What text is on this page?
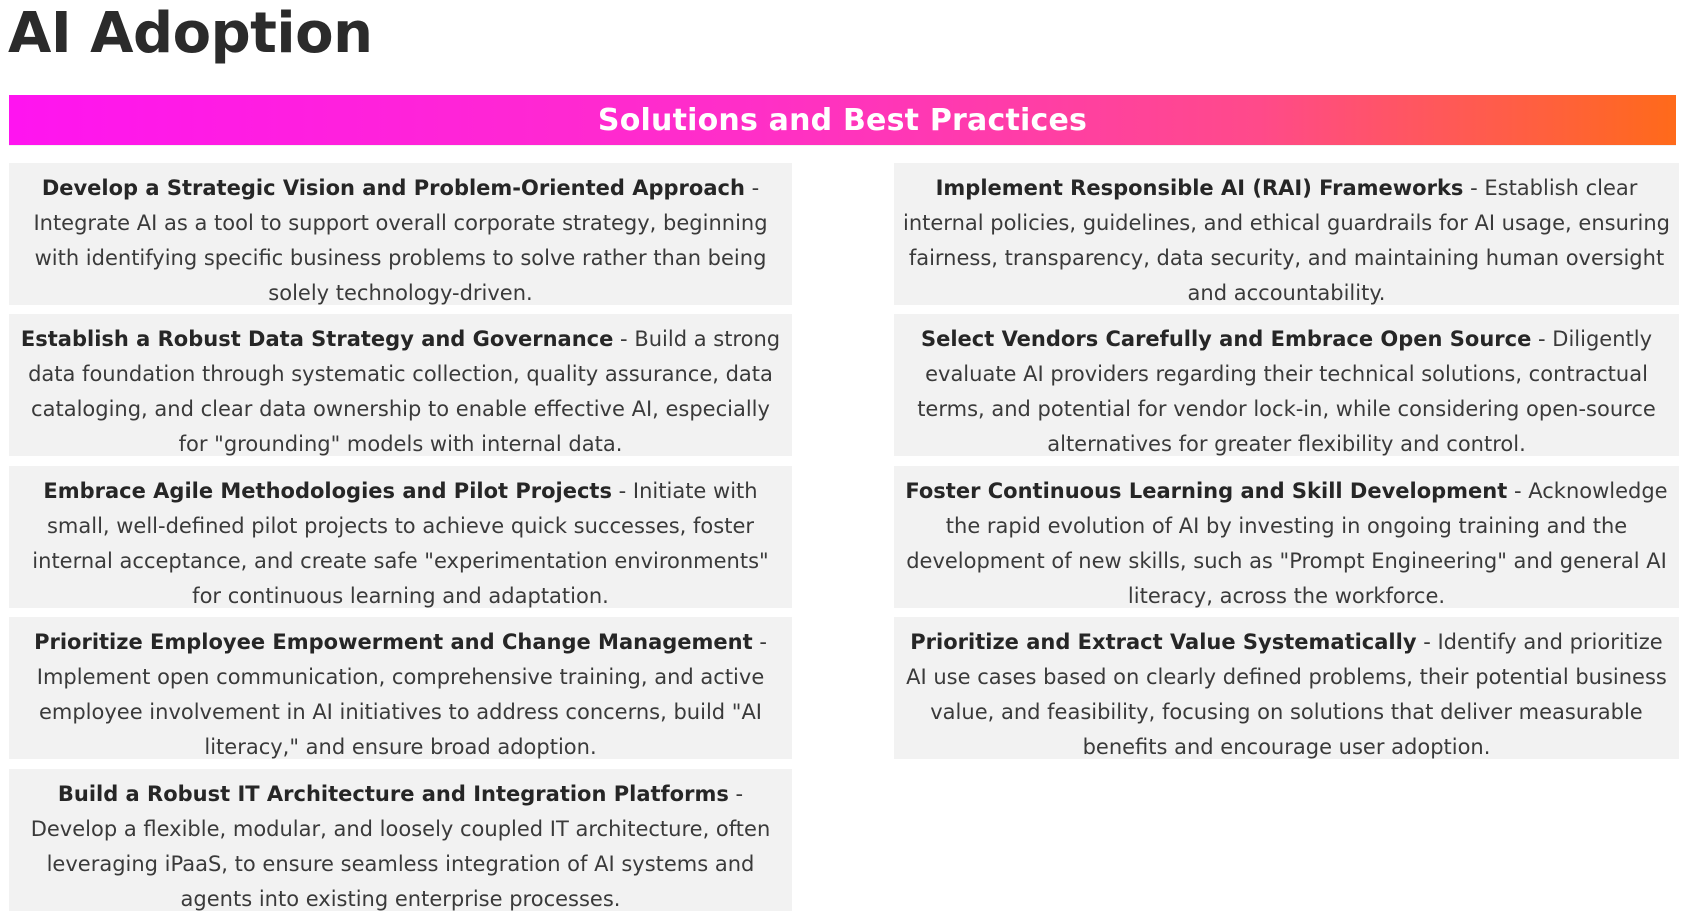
AI Adoption
Solutions and Best Practices
Develop a Strategic Vision and Problem-Oriented Approach - Integrate AI as a tool to support overall corporate strategy, beginning with identifying specific business problems to solve rather than being solely technology-driven.
Establish a Robust Data Strategy and Governance - Build a strong data foundation through systematic collection, quality assurance, data cataloging, and clear data ownership to enable effective AI, especially for "grounding" models with internal data.
Embrace Agile Methodologies and Pilot Projects - Initiate with small, well-defined pilot projects to achieve quick successes, foster internal acceptance, and create safe "experimentation environments" for continuous learning and adaptation.
Prioritize Employee Empowerment and Change Management - Implement open communication, comprehensive training, and active employee involvement in AI initiatives to address concerns, build "AI literacy," and ensure broad adoption.
Build a Robust IT Architecture and Integration Platforms - Develop a flexible, modular, and loosely coupled IT architecture, often leveraging iPaaS, to ensure seamless integration of AI systems and agents into existing enterprise processes.
Implement Responsible AI (RAI) Frameworks - Establish clear internal policies, guidelines, and ethical guardrails for AI usage, ensuring fairness, transparency, data security, and maintaining human oversight and accountability.
Select Vendors Carefully and Embrace Open Source - Diligently evaluate AI providers regarding their technical solutions, contractual terms, and potential for vendor lock-in, while considering open-source alternatives for greater flexibility and control.
Foster Continuous Learning and Skill Development - Acknowledge the rapid evolution of AI by investing in ongoing training and the development of new skills, such as "Prompt Engineering" and general AI literacy, across the workforce.
Prioritize and Extract Value Systematically - Identify and prioritize AI use cases based on clearly defined problems, their potential business value, and feasibility, focusing on solutions that deliver measurable benefits and encourage user adoption.
